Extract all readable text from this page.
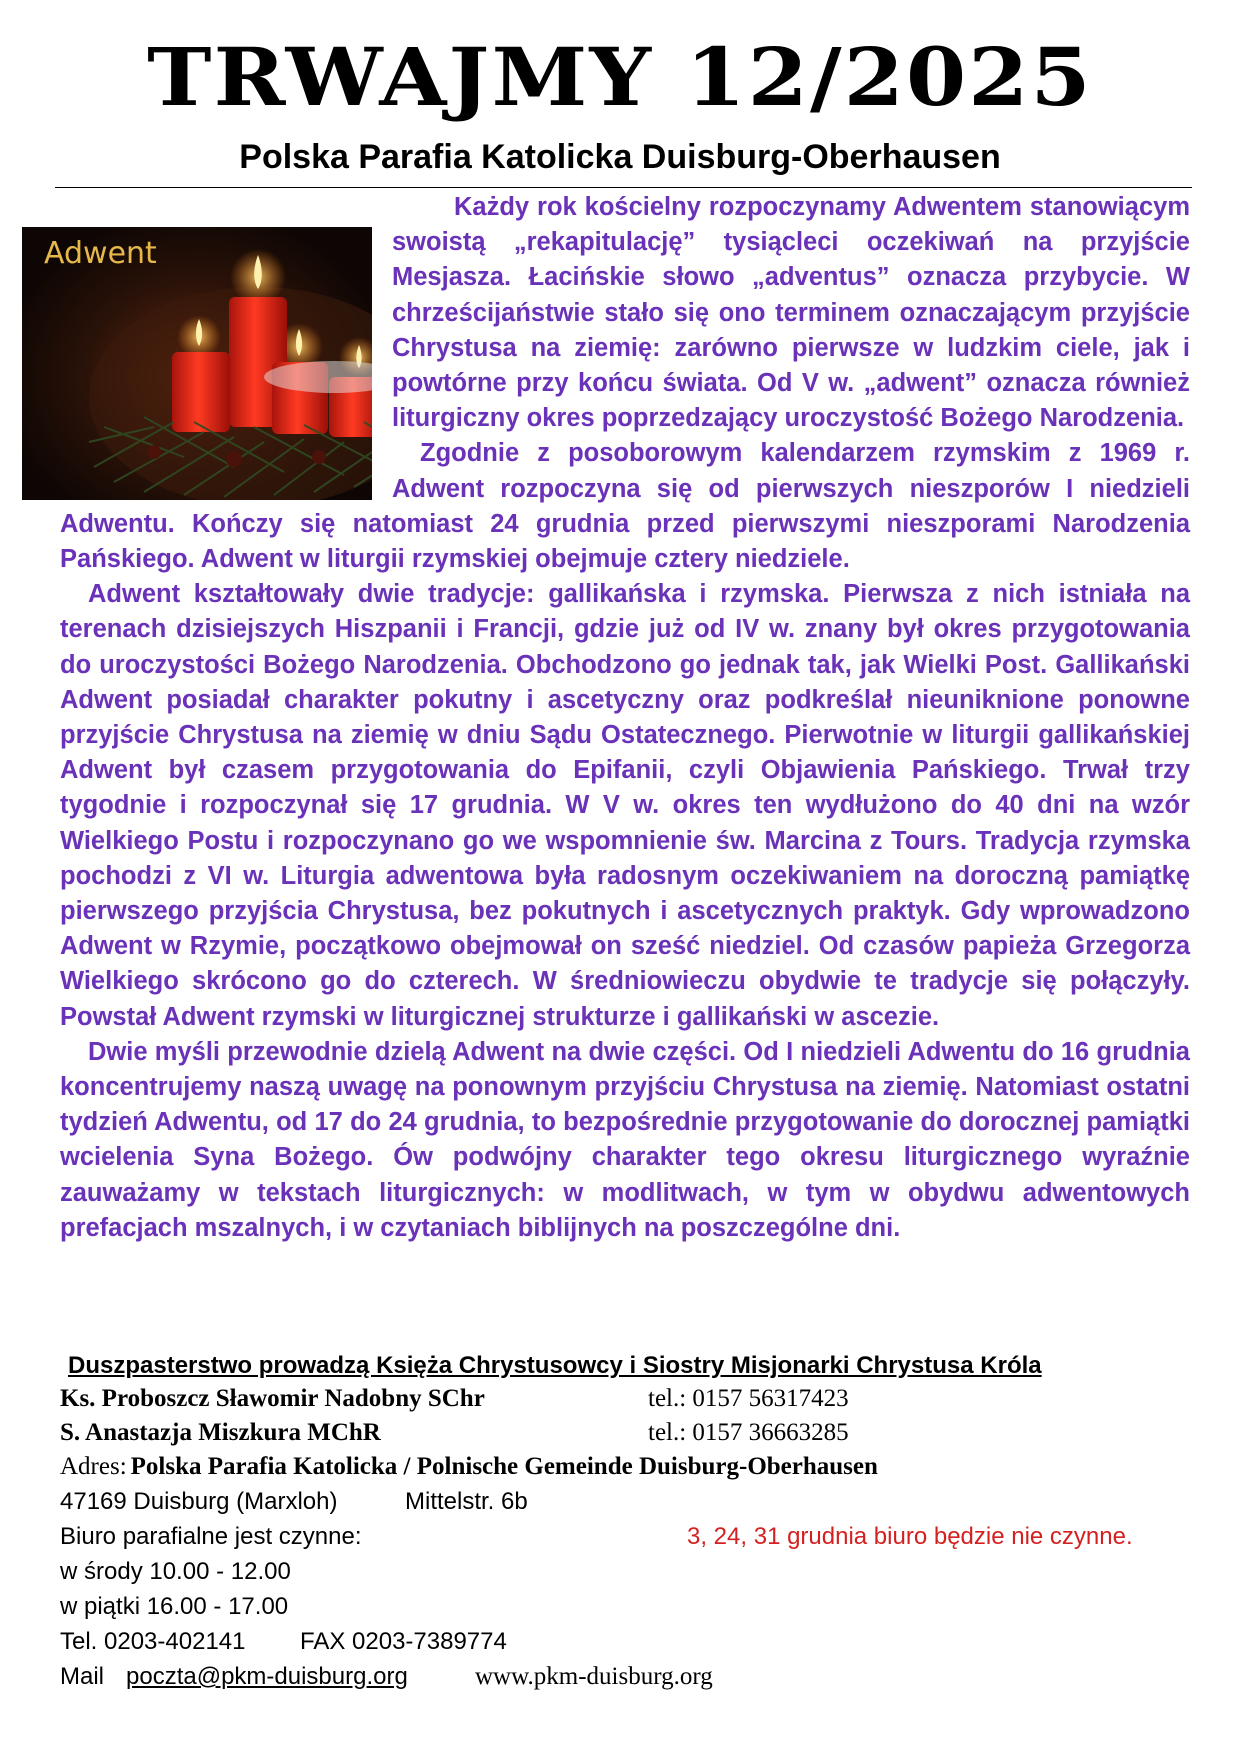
TRWAJMY 12/2025
Polska Parafia Katolicka Duisburg-Oberhausen

Adwent
Każdy rok kościelny rozpoczynamy Adwentem stanowiącym swoistą „rekapitulację” tysiącleci oczekiwań na przyjście Mesjasza. Łacińskie słowo „adventus” oznacza przybycie. W chrześcijaństwie stało się ono terminem oznaczającym przyjście Chrystusa na ziemię: zarówno pierwsze w ludzkim ciele, jak i powtórne przy końcu świata. Od V w. „adwent” oznacza również liturgiczny okres poprzedzający uroczystość Bożego Narodzenia.

Zgodnie z posoborowym kalendarzem rzymskim z 1969 r. Adwent rozpoczyna się od pierwszych nieszporów I niedzieli Adwentu. Kończy się natomiast 24 grudnia przed pierwszymi nieszporami Narodzenia Pańskiego. Adwent w liturgii rzymskiej obejmuje cztery niedziele.

Adwent kształtowały dwie tradycje: gallikańska i rzymska. Pierwsza z nich istniała na terenach dzisiejszych Hiszpanii i Francji, gdzie już od IV w. znany był okres przygotowania do uroczystości Bożego Narodzenia. Obchodzono go jednak tak, jak Wielki Post. Gallikański Adwent posiadał charakter pokutny i ascetyczny oraz podkreślał nieuniknione ponowne przyjście Chrystusa na ziemię w dniu Sądu Ostatecznego. Pierwotnie w liturgii gallikańskiej Adwent był czasem przygotowania do Epifanii, czyli Objawienia Pańskiego. Trwał trzy tygodnie i rozpoczynał się 17 grudnia. W V w. okres ten wydłużono do 40 dni na wzór Wielkiego Postu i rozpoczynano go we wspomnienie św. Marcina z Tours. Tradycja rzymska pochodzi z VI w. Liturgia adwentowa była radosnym oczekiwaniem na doroczną pamiątkę pierwszego przyjścia Chrystusa, bez pokutnych i ascetycznych praktyk. Gdy wprowadzono Adwent w Rzymie, początkowo obejmował on sześć niedziel. Od czasów papieża Grzegorza Wielkiego skrócono go do czterech. W średniowieczu obydwie te tradycje się połączyły. Powstał Adwent rzymski w liturgicznej strukturze i gallikański w ascezie.

Dwie myśli przewodnie dzielą Adwent na dwie części. Od I niedzieli Adwentu do 16 grudnia koncentrujemy naszą uwagę na ponownym przyjściu Chrystusa na ziemię. Natomiast ostatni tydzień Adwentu, od 17 do 24 grudnia, to bezpośrednie przygotowanie do dorocznej pamiątki wcielenia Syna Bożego. Ów podwójny charakter tego okresu liturgicznego wyraźnie zauważamy w tekstach liturgicznych: w modlitwach, w tym w obydwu adwentowych prefacjach mszalnych, i w czytaniach biblijnych na poszczególne dni.

Duszpasterstwo prowadzą Księża Chrystusowcy i Siostry Misjonarki Chrystusa Króla
Ks. Proboszcz Sławomir Nadobny SChr	tel.: 0157 56317423
S. Anastazja Miszkura MChR	tel.: 0157 36663285
Adres: Polska Parafia Katolicka / Polnische Gemeinde Duisburg-Oberhausen
47169 Duisburg (Marxloh)	Mittelstr. 6b
Biuro parafialne jest czynne:	3, 24, 31 grudnia biuro będzie nie czynne.
w środy 10.00 - 12.00
w piątki 16.00 - 17.00
Tel. 0203-402141 FAX 0203-7389774
Mail poczta@pkm-duisburg.org	www.pkm-duisburg.org
